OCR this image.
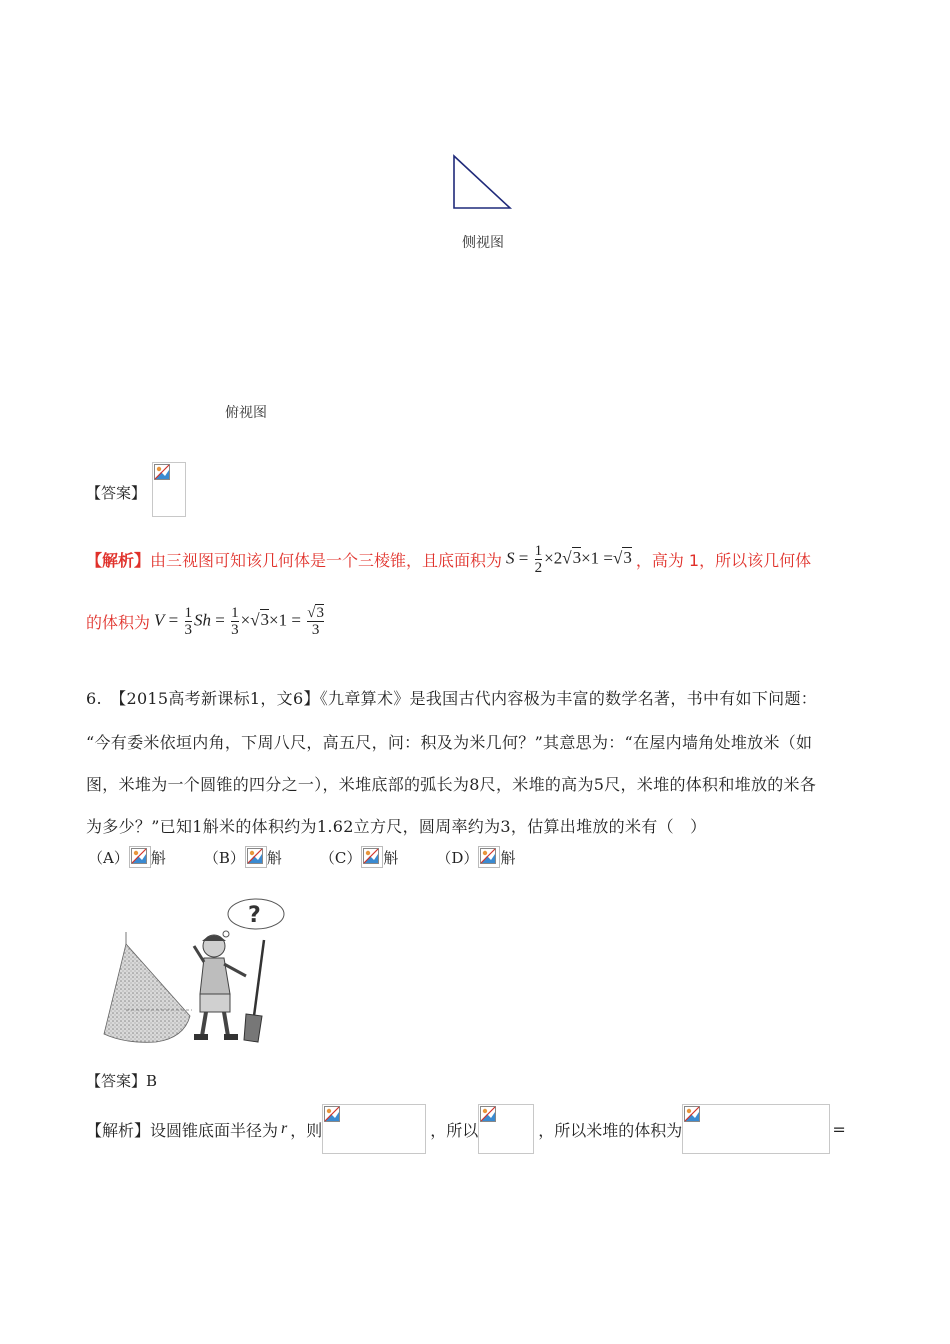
侧视图
俯视图
【答案】
【解析】 由三视图可知该几何体是一个三棱锥，且底面积为 $S = \frac{1}{2} \times 2√3\times 1 =√3$ ，高为 1，所以该几何体
的体积为 $V = \frac{1}{3}$ $Sh = \frac{1}{3} \times√3\times 1 = \frac{√3}{3}$
6.　【2015高考新课标1，文6】《九章算术》是我国古代内容极为丰富的数学名著，书中有如下问题：
“今有委米依垣内角，下周八尺，高五尺，问：积及为米几何？”其意思为：“在屋内墙角处堆放米（如
图，米堆为一个圆锥的四分之一），米堆底部的弧长为8尺，米堆的高为5尺，米堆的体积和堆放的米各
为多少？”已知1斛米的体积约为1.62立方尺，圆周率约为3，估算出堆放的米有（　）
（A） 斛	（B） 斛	（C） 斛	（D） 斛
?
【答案】B
【解析】 设圆锥底面半径为 r ，则	，所以	，所以米堆的体积为	=
